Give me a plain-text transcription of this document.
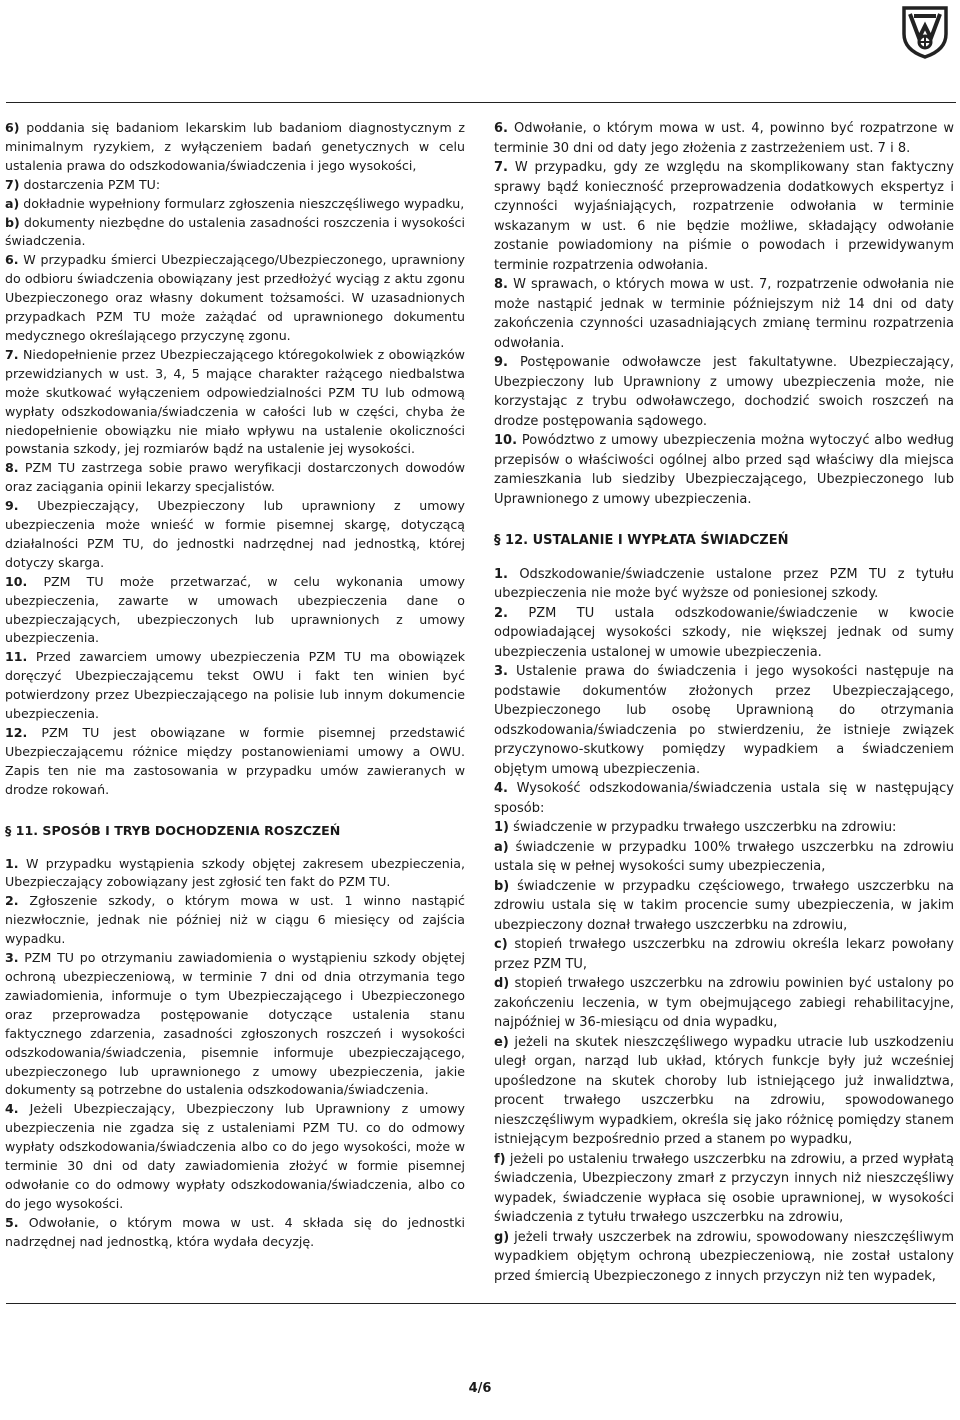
6) poddania się badaniom lekarskim lub badaniom diagnostycznym z minimalnym ryzykiem, z wyłączeniem badań genetycznych w celu ustalenia prawa do odszkodowania/świadczenia i jego wysokości,

7) dostarczenia PZM TU:

a) dokładnie wypełniony formularz zgłoszenia nieszczęśliwego wypadku,

b) dokumenty niezbędne do ustalenia zasadności roszczenia i wysokości świadczenia.

6. W przypadku śmierci Ubezpieczającego/Ubezpieczonego, uprawniony do odbioru świadczenia obowiązany jest przedłożyć wyciąg z aktu zgonu Ubezpieczonego oraz własny dokument tożsamości. W uzasadnionych przypadkach PZM TU może zażądać od uprawnionego dokumentu medycznego określającego przyczynę zgonu.

7. Niedopełnienie przez Ubezpieczającego któregokolwiek z obowiązków przewidzianych w ust. 3, 4, 5 mające charakter rażącego niedbalstwa może skutkować wyłączeniem odpowiedzialności PZM TU lub odmową wypłaty odszkodowania/świadczenia w całości lub w części, chyba że niedopełnienie obowiązku nie miało wpływu na ustalenie okoliczności powstania szkody, jej rozmiarów bądź na ustalenie jej wysokości.

8. PZM TU zastrzega sobie prawo weryfikacji dostarczonych dowodów oraz zaciągania opinii lekarzy specjalistów.

9. Ubezpieczający, Ubezpieczony lub uprawniony z umowy ubezpieczenia może wnieść w formie pisemnej skargę, dotyczącą działalności PZM TU, do jednostki nadrzędnej nad jednostką, której dotyczy skarga.

10. PZM TU może przetwarzać, w celu wykonania umowy ubezpieczenia, zawarte w umowach ubezpieczenia dane o ubezpieczających, ubezpieczonych lub uprawnionych z umowy ubezpieczenia.

11. Przed zawarciem umowy ubezpieczenia PZM TU ma obowiązek doręczyć Ubezpieczającemu tekst OWU i fakt ten winien być potwierdzony przez Ubezpieczającego na polisie lub innym dokumencie ubezpieczenia.

12. PZM TU jest obowiązane w formie pisemnej przedstawić Ubezpieczającemu różnice między postanowieniami umowy a OWU. Zapis ten nie ma zastosowania w przypadku umów zawieranych w drodze rokowań.

§ 11. SPOSÓB I TRYB DOCHODZENIA ROSZCZEŃ

1. W przypadku wystąpienia szkody objętej zakresem ubezpieczenia, Ubezpieczający zobowiązany jest zgłosić ten fakt do PZM TU.

2. Zgłoszenie szkody, o którym mowa w ust. 1 winno nastąpić niezwłocznie, jednak nie później niż w ciągu 6 miesięcy od zajścia wypadku.

3. PZM TU po otrzymaniu zawiadomienia o wystąpieniu szkody objętej ochroną ubezpieczeniową, w terminie 7 dni od dnia otrzymania tego zawiadomienia, informuje o tym Ubezpieczającego i Ubezpieczonego oraz przeprowadza postępowanie dotyczące ustalenia stanu faktycznego zdarzenia, zasadności zgłoszonych roszczeń i wysokości odszkodowania/świadczenia, pisemnie informuje ubezpieczającego, ubezpieczonego lub uprawnionego z umowy ubezpieczenia, jakie dokumenty są potrzebne do ustalenia odszkodowania/świadczenia.

4. Jeżeli Ubezpieczający, Ubezpieczony lub Uprawniony z umowy ubezpieczenia nie zgadza się z ustaleniami PZM TU. co do odmowy wypłaty odszkodowania/świadczenia albo co do jego wysokości, może w terminie 30 dni od daty zawiadomienia złożyć w formie pisemnej odwołanie co do odmowy wypłaty odszkodowania/świadczenia, albo co do jego wysokości.

5. Odwołanie, o którym mowa w ust. 4 składa się do jednostki nadrzędnej nad jednostką, która wydała decyzję.

6. Odwołanie, o którym mowa w ust. 4, powinno być rozpatrzone w terminie 30 dni od daty jego złożenia z zastrzeżeniem ust. 7 i 8.

7. W przypadku, gdy ze względu na skomplikowany stan faktyczny sprawy bądź konieczność przeprowadzenia dodatkowych ekspertyz i czynności wyjaśniających, rozpatrzenie odwołania w terminie wskazanym w ust. 6 nie będzie możliwe, składający odwołanie zostanie powiadomiony na piśmie o powodach i przewidywanym terminie rozpatrzenia odwołania.

8. W sprawach, o których mowa w ust. 7, rozpatrzenie odwołania nie może nastąpić jednak w terminie późniejszym niż 14 dni od daty zakończenia czynności uzasadniających zmianę terminu rozpatrzenia odwołania.

9. Postępowanie odwoławcze jest fakultatywne. Ubezpieczający, Ubezpieczony lub Uprawniony z umowy ubezpieczenia może, nie korzystając z trybu odwoławczego, dochodzić swoich roszczeń na drodze postępowania sądowego.

10. Powództwo z umowy ubezpieczenia można wytoczyć albo według przepisów o właściwości ogólnej albo przed sąd właściwy dla miejsca zamieszkania lub siedziby Ubezpieczającego, Ubezpieczonego lub Uprawnionego z umowy ubezpieczenia.

§ 12. USTALANIE I WYPŁATA ŚWIADCZEŃ

1. Odszkodowanie/świadczenie ustalone przez PZM TU z tytułu ubezpieczenia nie może być wyższe od poniesionej szkody.

2. PZM TU ustala odszkodowanie/świadczenie w kwocie odpowiadającej wysokości szkody, nie większej jednak od sumy ubezpieczenia ustalonej w umowie ubezpieczenia.

3. Ustalenie prawa do świadczenia i jego wysokości następuje na podstawie dokumentów złożonych przez Ubezpieczającego, Ubezpieczonego lub osobę Uprawnioną do otrzymania odszkodowania/świadczenia po stwierdzeniu, że istnieje związek przyczynowo-skutkowy pomiędzy wypadkiem a świadczeniem objętym umową ubezpieczenia.

4. Wysokość odszkodowania/świadczenia ustala się w następujący sposób:

1) świadczenie w przypadku trwałego uszczerbku na zdrowiu:

a) świadczenie w przypadku 100% trwałego uszczerbku na zdrowiu ustala się w pełnej wysokości sumy ubezpieczenia,

b) świadczenie w przypadku częściowego, trwałego uszczerbku na zdrowiu ustala się w takim procencie sumy ubezpieczenia, w jakim ubezpieczony doznał trwałego uszczerbku na zdrowiu,

c) stopień trwałego uszczerbku na zdrowiu określa lekarz powołany przez PZM TU,

d) stopień trwałego uszczerbku na zdrowiu powinien być ustalony po zakończeniu leczenia, w tym obejmującego zabiegi rehabilitacyjne, najpóźniej w 36-miesiącu od dnia wypadku,

e) jeżeli na skutek nieszczęśliwego wypadku utracie lub uszkodzeniu uległ organ, narząd lub układ, których funkcje były już wcześniej upośledzone na skutek choroby lub istniejącego już inwalidztwa, procent trwałego uszczerbku na zdrowiu, spowodowanego nieszczęśliwym wypadkiem, określa się jako różnicę pomiędzy stanem istniejącym bezpośrednio przed a stanem po wypadku,

f) jeżeli po ustaleniu trwałego uszczerbku na zdrowiu, a przed wypłatą świadczenia, Ubezpieczony zmarł z przyczyn innych niż nieszczęśliwy wypadek, świadczenie wypłaca się osobie uprawnionej, w wysokości świadczenia z tytułu trwałego uszczerbku na zdrowiu,

g) jeżeli trwały uszczerbek na zdrowiu, spowodowany nieszczęśliwym wypadkiem objętym ochroną ubezpieczeniową, nie został ustalony przed śmiercią Ubezpieczonego z innych przyczyn niż ten wypadek,

4/6
